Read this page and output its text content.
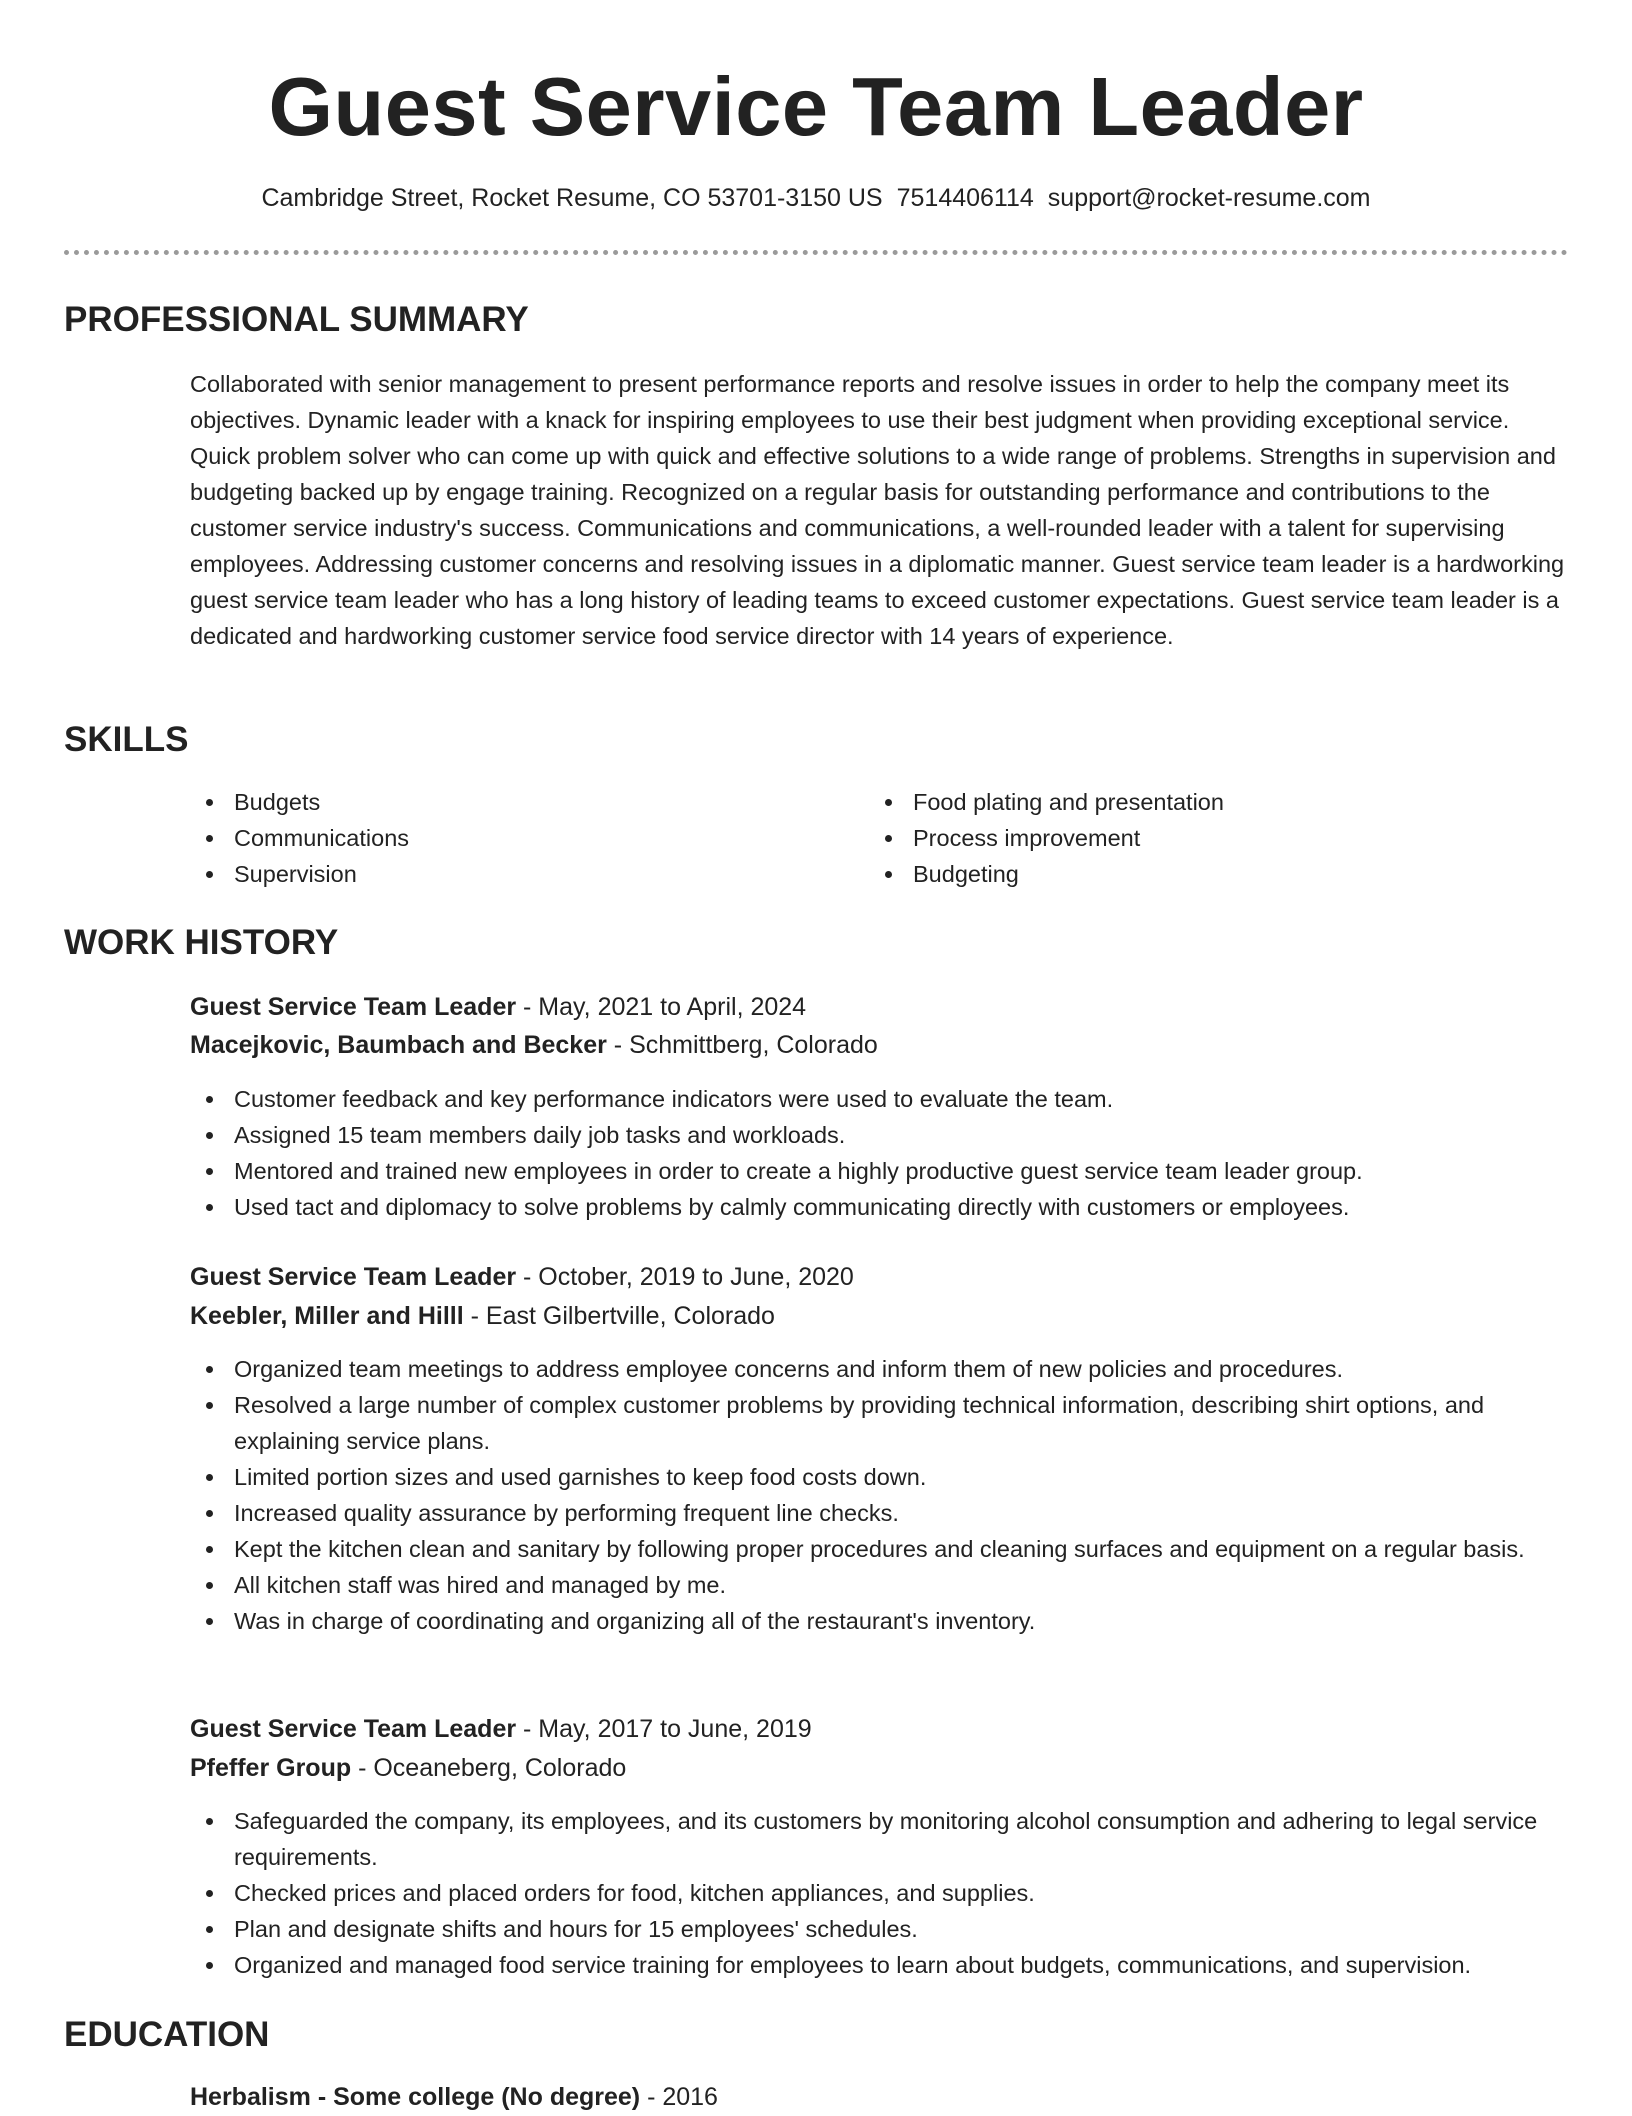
Guest Service Team Leader
Cambridge Street, Rocket Resume, CO 53701-3150 US 7514406114 support@rocket-resume.com
PROFESSIONAL SUMMARY

Collaborated with senior management to present performance reports and resolve issues in order to help the company meet its objectives. Dynamic leader with a knack for inspiring employees to use their best judgment when providing exceptional service. Quick problem solver who can come up with quick and effective solutions to a wide range of problems. Strengths in supervision and budgeting backed up by engage training. Recognized on a regular basis for outstanding performance and contributions to the customer service industry's success. Communications and communications, a well-rounded leader with a talent for supervising employees. Addressing customer concerns and resolving issues in a diplomatic manner. Guest service team leader is a hardworking guest service team leader who has a long history of leading teams to exceed customer expectations. Guest service team leader is a dedicated and hardworking customer service food service director with 14 years of experience.

SKILLS
Budgets
Communications
Supervision
Food plating and presentation
Process improvement
Budgeting
WORK HISTORY
Guest Service Team Leader - May, 2021 to April, 2024
Macejkovic, Baumbach and Becker - Schmittberg, Colorado
Customer feedback and key performance indicators were used to evaluate the team.
Assigned 15 team members daily job tasks and workloads.
Mentored and trained new employees in order to create a highly productive guest service team leader group.
Used tact and diplomacy to solve problems by calmly communicating directly with customers or employees.
Guest Service Team Leader - October, 2019 to June, 2020
Keebler, Miller and Hilll - East Gilbertville, Colorado
Organized team meetings to address employee concerns and inform them of new policies and procedures.
Resolved a large number of complex customer problems by providing technical information, describing shirt options, and explaining service plans.
Limited portion sizes and used garnishes to keep food costs down.
Increased quality assurance by performing frequent line checks.
Kept the kitchen clean and sanitary by following proper procedures and cleaning surfaces and equipment on a regular basis.
All kitchen staff was hired and managed by me.
Was in charge of coordinating and organizing all of the restaurant's inventory.
Guest Service Team Leader - May, 2017 to June, 2019
Pfeffer Group - Oceaneberg, Colorado
Safeguarded the company, its employees, and its customers by monitoring alcohol consumption and adhering to legal service requirements.
Checked prices and placed orders for food, kitchen appliances, and supplies.
Plan and designate shifts and hours for 15 employees' schedules.
Organized and managed food service training for employees to learn about budgets, communications, and supervision.
EDUCATION
Herbalism - Some college (No degree) - 2016
